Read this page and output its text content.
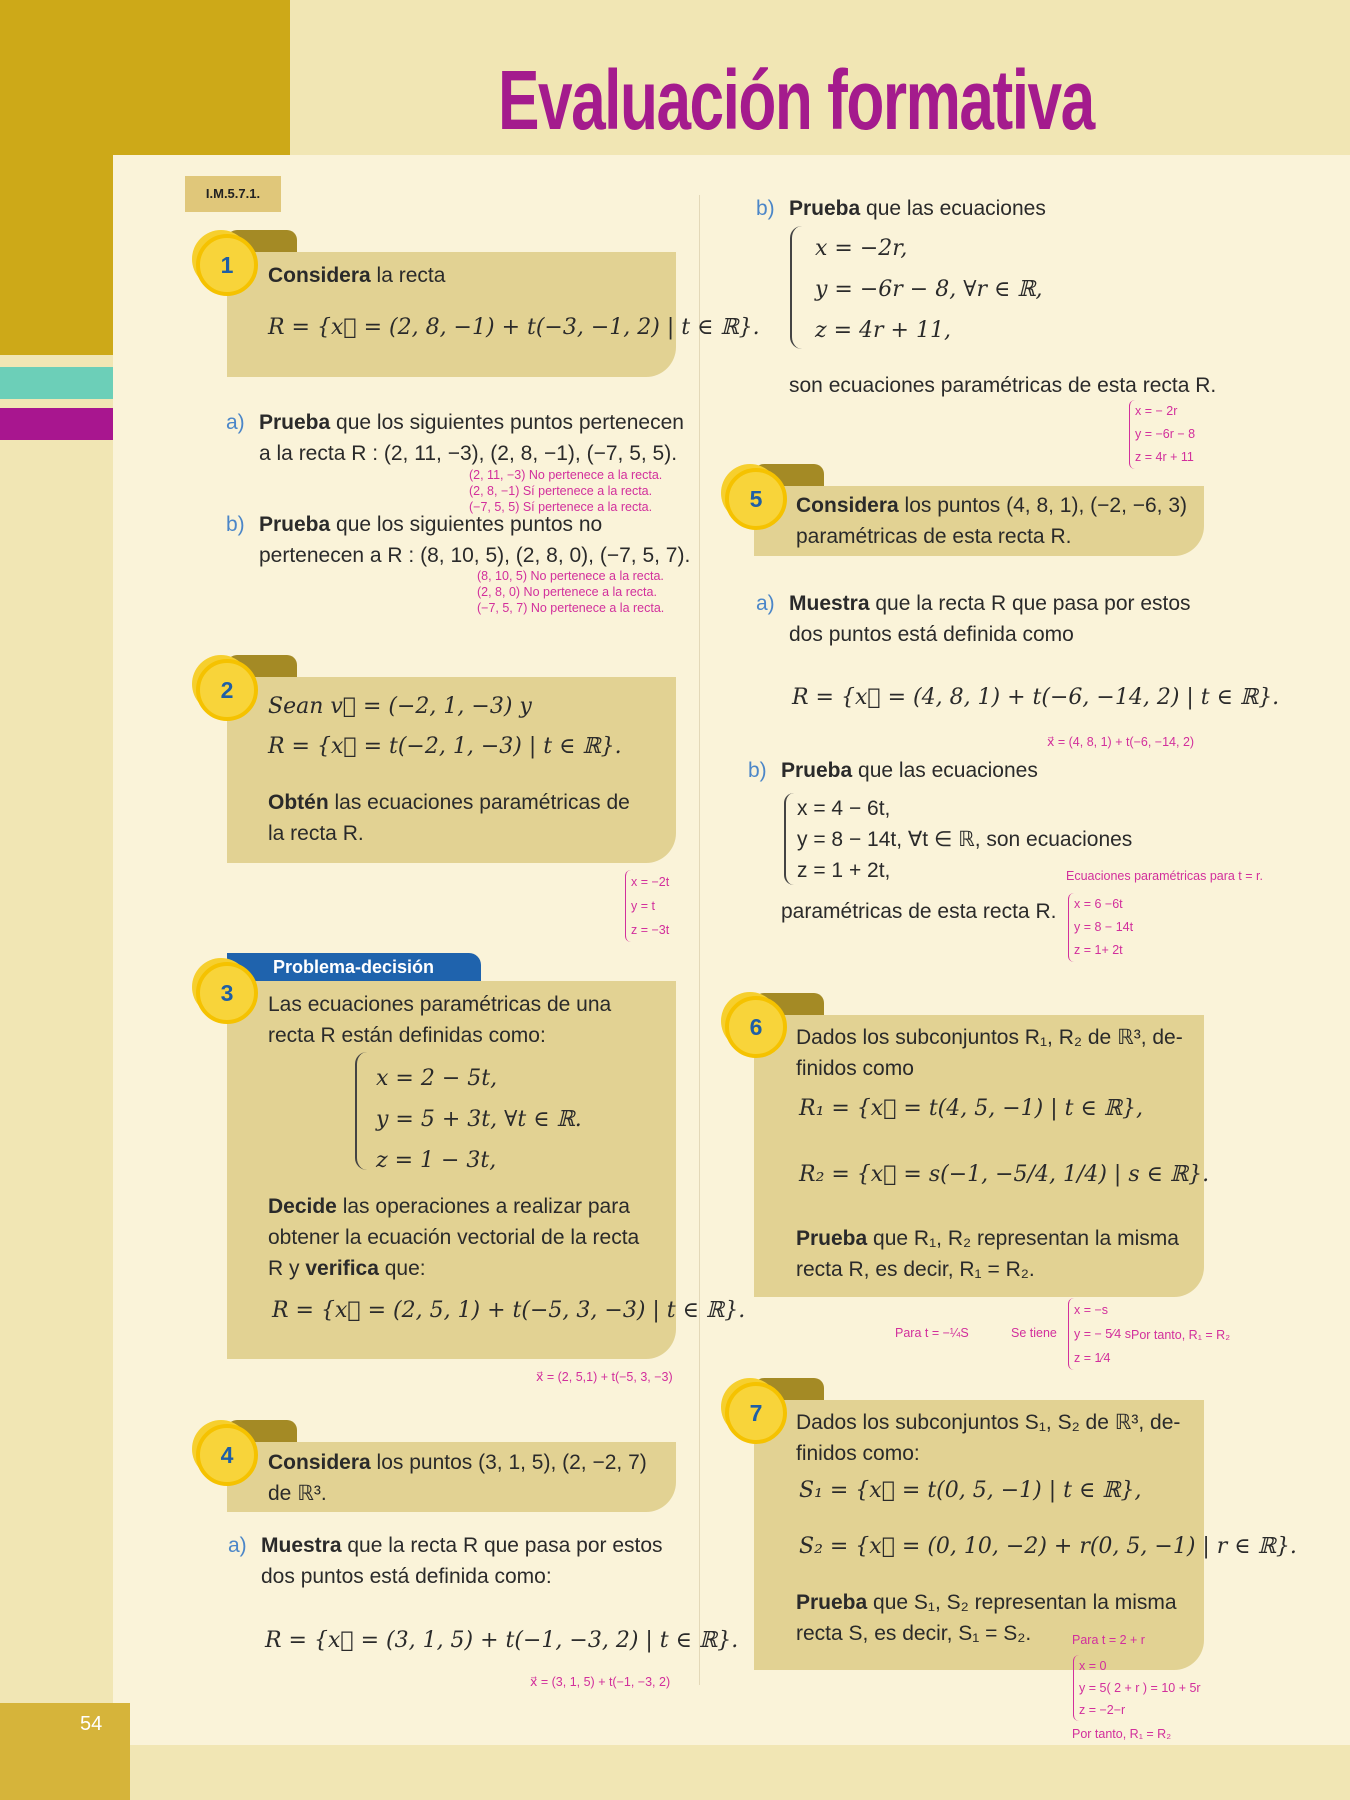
54
Evaluación formativa
I.M.5.7.1.
1	Considera la recta
R = {x⃗ = (2, 8, −1) + t(−3, −1, 2) | t ∈ ℝ}.
a) Prueba que los siguientes puntos pertenecen
a la recta R : (2, 11, −3), (2, 8, −1), (−7, 5, 5).
(2, 11, −3) No pertenece a la recta.
(2, 8, −1) Sí pertenece a la recta.
(−7, 5, 5) Sí pertenece a la recta.
b) Prueba que los siguientes puntos no
pertenecen a R : (8, 10, 5), (2, 8, 0), (−7, 5, 7).
(8, 10, 5) No pertenece a la recta.
(2, 8, 0) No pertenece a la recta.
(−7, 5, 7) No pertenece a la recta.
2
Sean v⃗ = (−2, 1, −3) y
R = {x⃗ = t(−2, 1, −3) | t ∈ ℝ}.
Obtén las ecuaciones paramétricas de
la recta R.
x = −2t
y = t
z = −3t
Problema-decisión
3	Las ecuaciones paramétricas de una
recta R están definidas como:
x = 2 − 5t,
y = 5 + 3t, ∀t ∈ ℝ.
z = 1 − 3t,
Decide las operaciones a realizar para
obtener la ecuación vectorial de la recta
R y verifica que:
R = {x⃗ = (2, 5, 1) + t(−5, 3, −3) | t ∈ ℝ}.
x⃗ = (2, 5,1) + t(−5, 3, −3)
4	Considera los puntos (3, 1, 5), (2, −2, 7)
de ℝ³.
a) Muestra que la recta R que pasa por estos
dos puntos está definida como:
R = {x⃗ = (3, 1, 5) + t(−1, −3, 2) | t ∈ ℝ}.
x⃗ = (3, 1, 5) + t(−1, −3, 2)
b) Prueba que las ecuaciones
x = −2r,
y = −6r − 8, ∀r ∈ ℝ,
z = 4r + 11,
son ecuaciones paramétricas de esta recta R.
x = − 2r
y = −6r − 8
z = 4r + 11
5	Considera los puntos (4, 8, 1), (−2, −6, 3)
paramétricas de esta recta R.
a) Muestra que la recta R que pasa por estos
dos puntos está definida como
R = {x⃗ = (4, 8, 1) + t(−6, −14, 2) | t ∈ ℝ}.
x⃗ = (4, 8, 1) + t(−6, −14, 2)
b) Prueba que las ecuaciones
x = 4 − 6t,
y = 8 − 14t, ∀t ∈ ℝ, son ecuaciones
z = 1 + 2t,
paramétricas de esta recta R.
Ecuaciones paramétricas para t = r.
x = 6 −6t
y = 8 − 14t
z = 1+ 2t
6	Dados los subconjuntos R₁, R₂ de ℝ³, de-
finidos como
R₁ = {x⃗ = t(4, 5, −1) | t ∈ ℝ},
R₂ = {x⃗ = s(−1, −5/4, 1/4) | s ∈ ℝ}.
Prueba que R₁, R₂ representan la misma
recta R, es decir, R₁ = R₂.
Para t = −¼S	Se tiene
x = −s
y = − 5⁄4 s
z = 1⁄4
Por tanto, R₁ = R₂
7	Dados los subconjuntos S₁, S₂ de ℝ³, de-
finidos como:
S₁ = {x⃗ = t(0, 5, −1) | t ∈ ℝ},
S₂ = {x⃗ = (0, 10, −2) + r(0, 5, −1) | r ∈ ℝ}.
Prueba que S₁, S₂ representan la misma
recta S, es decir, S₁ = S₂.	Para t = 2 + r
x = 0
y = 5( 2 + r ) = 10 + 5r
z = −2−r
Por tanto, R₁ = R₂
